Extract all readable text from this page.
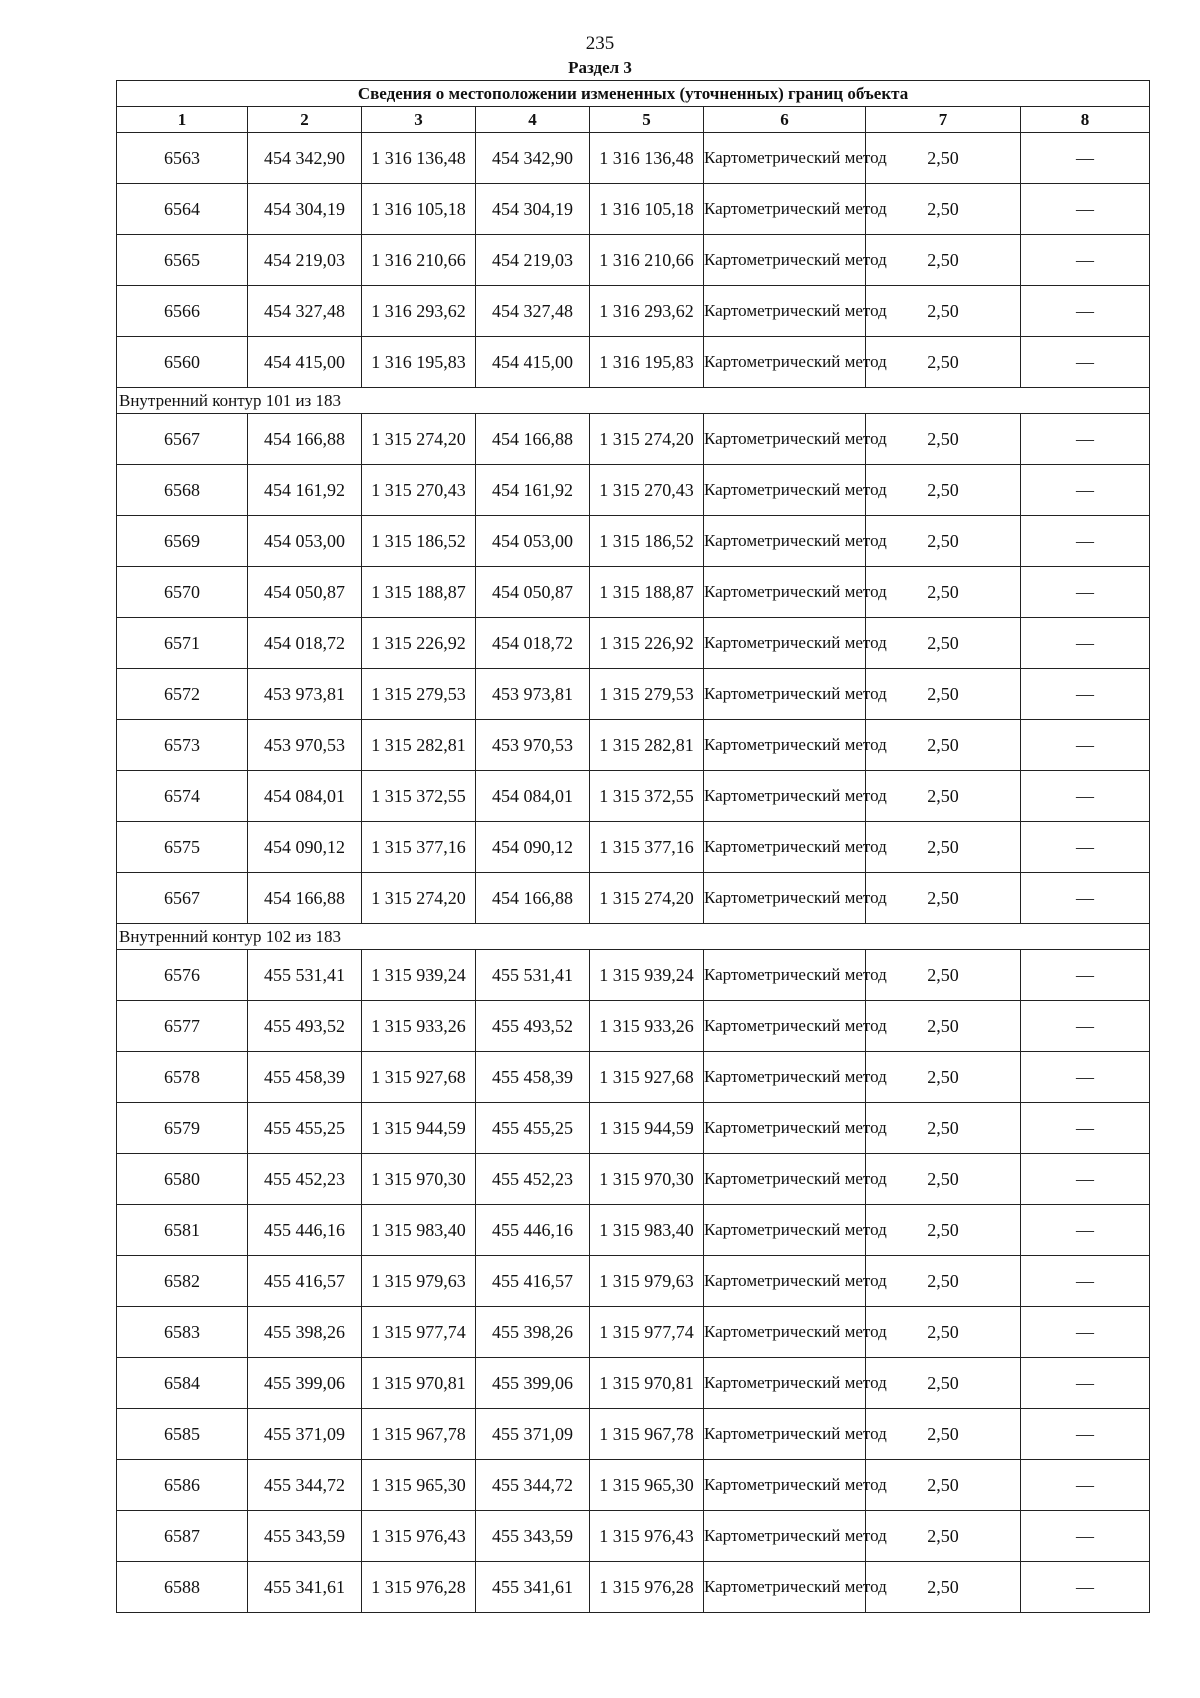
235
Раздел 3
Сведения о местоположении измененных (уточненных) границ объекта							
1	2	3	4	5	6	7	8
6563	454 342,90	1 316 136,48	454 342,90	1 316 136,48	Картометрический метод	2,50	—
6564	454 304,19	1 316 105,18	454 304,19	1 316 105,18	Картометрический метод	2,50	—
6565	454 219,03	1 316 210,66	454 219,03	1 316 210,66	Картометрический метод	2,50	—
6566	454 327,48	1 316 293,62	454 327,48	1 316 293,62	Картометрический метод	2,50	—
6560	454 415,00	1 316 195,83	454 415,00	1 316 195,83	Картометрический метод	2,50	—
Внутренний контур 101 из 183							
6567	454 166,88	1 315 274,20	454 166,88	1 315 274,20	Картометрический метод	2,50	—
6568	454 161,92	1 315 270,43	454 161,92	1 315 270,43	Картометрический метод	2,50	—
6569	454 053,00	1 315 186,52	454 053,00	1 315 186,52	Картометрический метод	2,50	—
6570	454 050,87	1 315 188,87	454 050,87	1 315 188,87	Картометрический метод	2,50	—
6571	454 018,72	1 315 226,92	454 018,72	1 315 226,92	Картометрический метод	2,50	—
6572	453 973,81	1 315 279,53	453 973,81	1 315 279,53	Картометрический метод	2,50	—
6573	453 970,53	1 315 282,81	453 970,53	1 315 282,81	Картометрический метод	2,50	—
6574	454 084,01	1 315 372,55	454 084,01	1 315 372,55	Картометрический метод	2,50	—
6575	454 090,12	1 315 377,16	454 090,12	1 315 377,16	Картометрический метод	2,50	—
6567	454 166,88	1 315 274,20	454 166,88	1 315 274,20	Картометрический метод	2,50	—
Внутренний контур 102 из 183							
6576	455 531,41	1 315 939,24	455 531,41	1 315 939,24	Картометрический метод	2,50	—
6577	455 493,52	1 315 933,26	455 493,52	1 315 933,26	Картометрический метод	2,50	—
6578	455 458,39	1 315 927,68	455 458,39	1 315 927,68	Картометрический метод	2,50	—
6579	455 455,25	1 315 944,59	455 455,25	1 315 944,59	Картометрический метод	2,50	—
6580	455 452,23	1 315 970,30	455 452,23	1 315 970,30	Картометрический метод	2,50	—
6581	455 446,16	1 315 983,40	455 446,16	1 315 983,40	Картометрический метод	2,50	—
6582	455 416,57	1 315 979,63	455 416,57	1 315 979,63	Картометрический метод	2,50	—
6583	455 398,26	1 315 977,74	455 398,26	1 315 977,74	Картометрический метод	2,50	—
6584	455 399,06	1 315 970,81	455 399,06	1 315 970,81	Картометрический метод	2,50	—
6585	455 371,09	1 315 967,78	455 371,09	1 315 967,78	Картометрический метод	2,50	—
6586	455 344,72	1 315 965,30	455 344,72	1 315 965,30	Картометрический метод	2,50	—
6587	455 343,59	1 315 976,43	455 343,59	1 315 976,43	Картометрический метод	2,50	—
6588	455 341,61	1 315 976,28	455 341,61	1 315 976,28	Картометрический метод	2,50	—
